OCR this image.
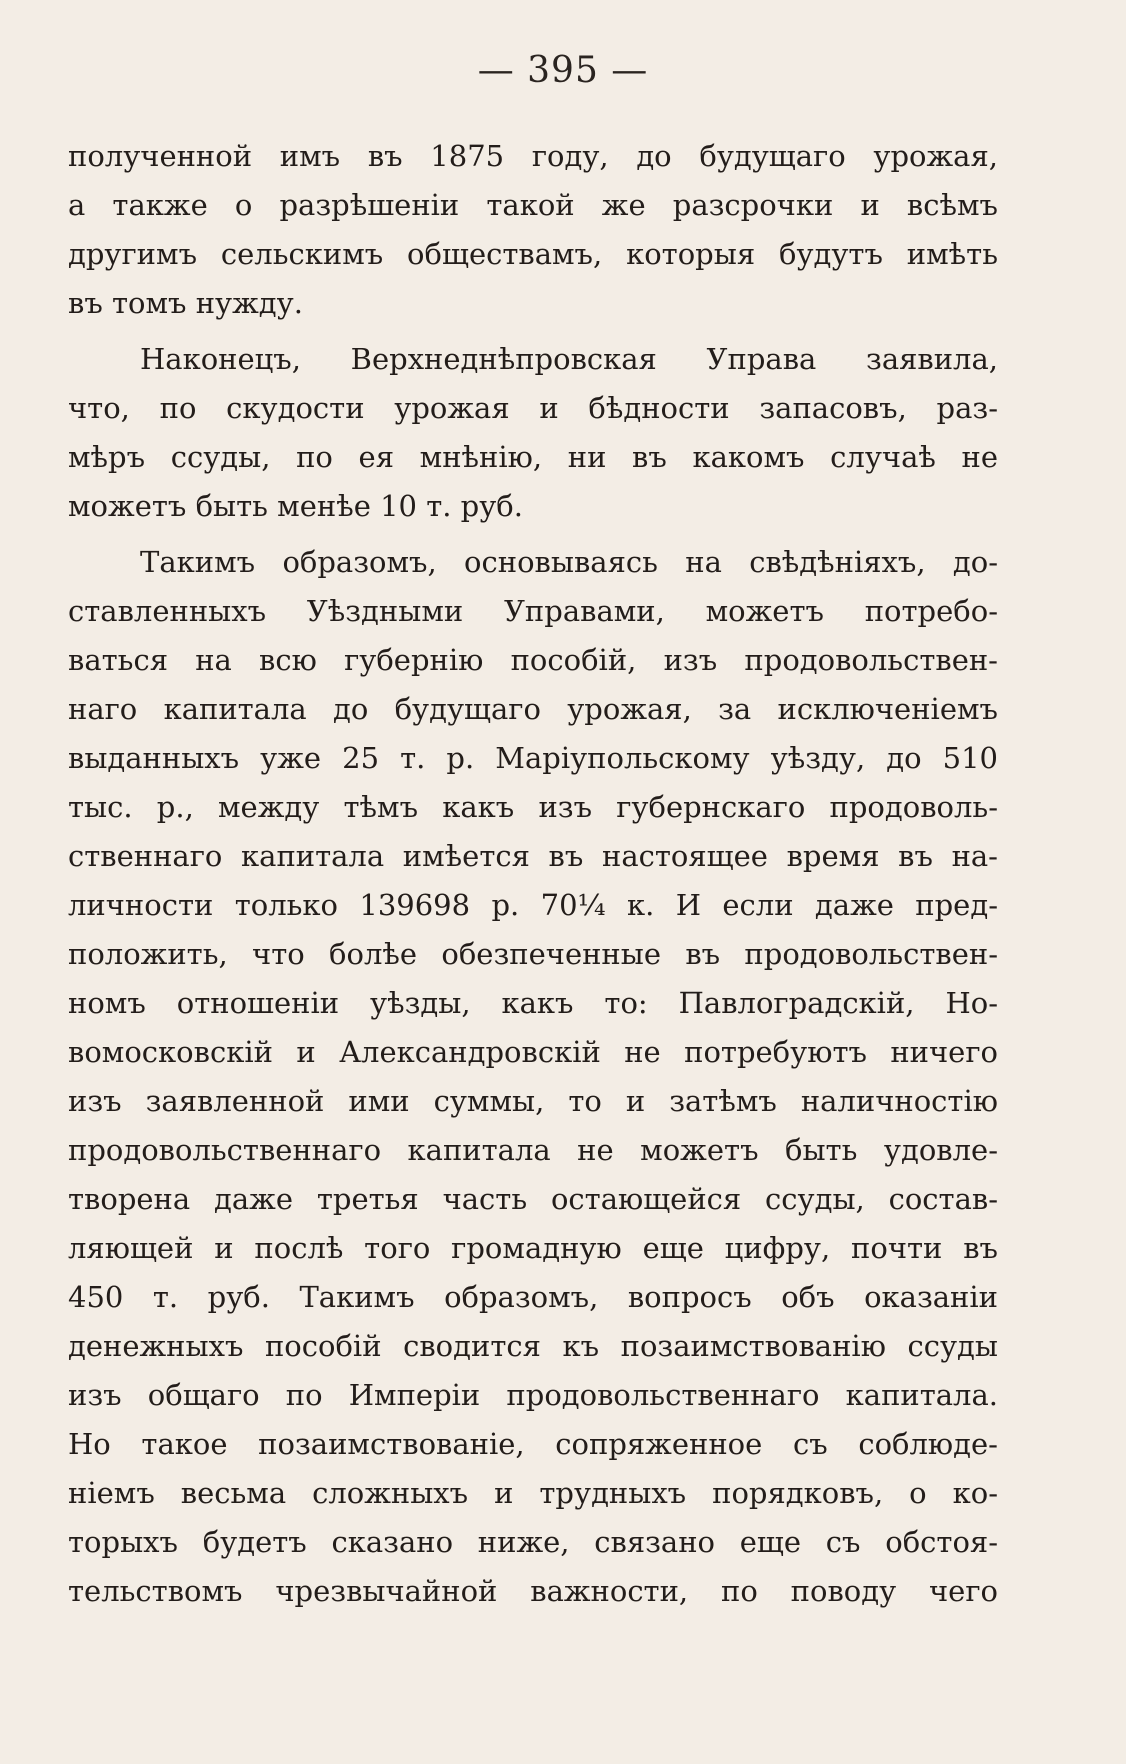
— 395 —
полученной имъ въ 1875 году, до будущаго урожая,
а также о разрѣшеніи такой же разсрочки и всѣмъ
другимъ сельскимъ обществамъ, которыя будутъ имѣть
въ томъ нужду.
Наконецъ, Верхнеднѣпровская Управа заявила,
что, по скудости урожая и бѣдности запасовъ, раз-
мѣръ ссуды, по ея мнѣнію, ни въ какомъ случаѣ не
можетъ быть менѣе 10 т. руб.
Такимъ образомъ, основываясь на свѣдѣніяхъ, до-
ставленныхъ Уѣздными Управами, можетъ потребо-
ваться на всю губернію пособій, изъ продовольствен-
наго капитала до будущаго урожая, за исключеніемъ
выданныхъ уже 25 т. р. Маріупольскому уѣзду, до 510
тыс. р., между тѣмъ какъ изъ губернскаго продоволь-
ственнаго капитала имѣется въ настоящее время въ на-
личности только 139698 р. 70¼ к. И если даже пред-
положить, что болѣе обезпеченные въ продовольствен-
номъ отношеніи уѣзды, какъ то: Павлоградскій, Но-
вомосковскій и Александровскій не потребуютъ ничего
изъ заявленной ими суммы, то и затѣмъ наличностію
продовольственнаго капитала не можетъ быть удовле-
творена даже третья часть остающейся ссуды, состав-
ляющей и послѣ того громадную еще цифру, почти въ
450 т. руб. Такимъ образомъ, вопросъ объ оказаніи
денежныхъ пособій сводится къ позаимствованію ссуды
изъ общаго по Имперіи продовольственнаго капитала.
Но такое позаимствованіе, сопряженное съ соблюде-
ніемъ весьма сложныхъ и трудныхъ порядковъ, о ко-
торыхъ будетъ сказано ниже, связано еще съ обстоя-
тельствомъ чрезвычайной важности, по поводу чего
